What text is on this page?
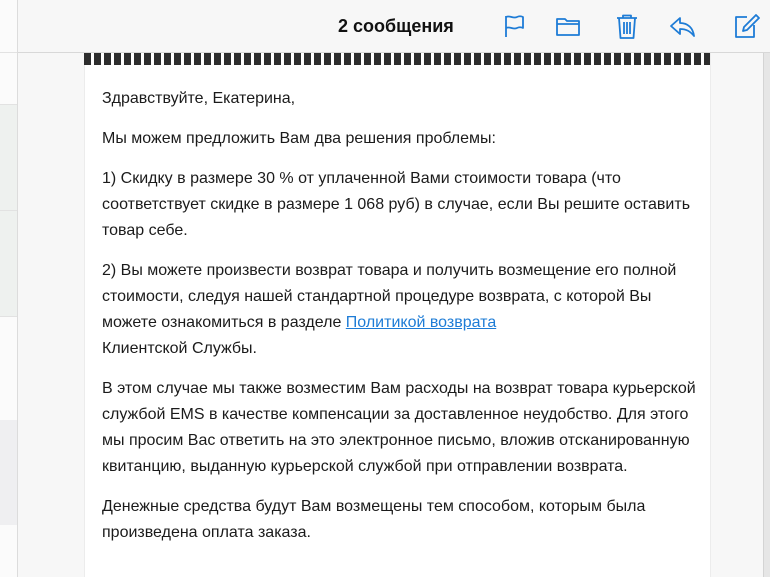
2 сообщения

Здравствуйте, Екатерина,

Мы можем предложить Вам два решения проблемы:

1) Скидку в размере 30 % от уплаченной Вами стоимости товара (что соответствует скидке в размере 1 068 руб) в случае, если Вы решите оставить товар себе.

2) Вы можете произвести возврат товара и получить возмещение его полной стоимости, следуя нашей стандартной процедуре возврата, с которой Вы можете ознакомиться в разделе Политикой возврата
Клиентской Службы.

В этом случае мы также возместим Вам расходы на возврат товара курьерской службой EMS в качестве компенсации за доставленное неудобство. Для этого мы просим Вас ответить на это электронное письмо, вложив отсканированную квитанцию, выданную курьерской службой при отправлении возврата.

Денежные средства будут Вам возмещены тем способом, которым была произведена оплата заказа.
